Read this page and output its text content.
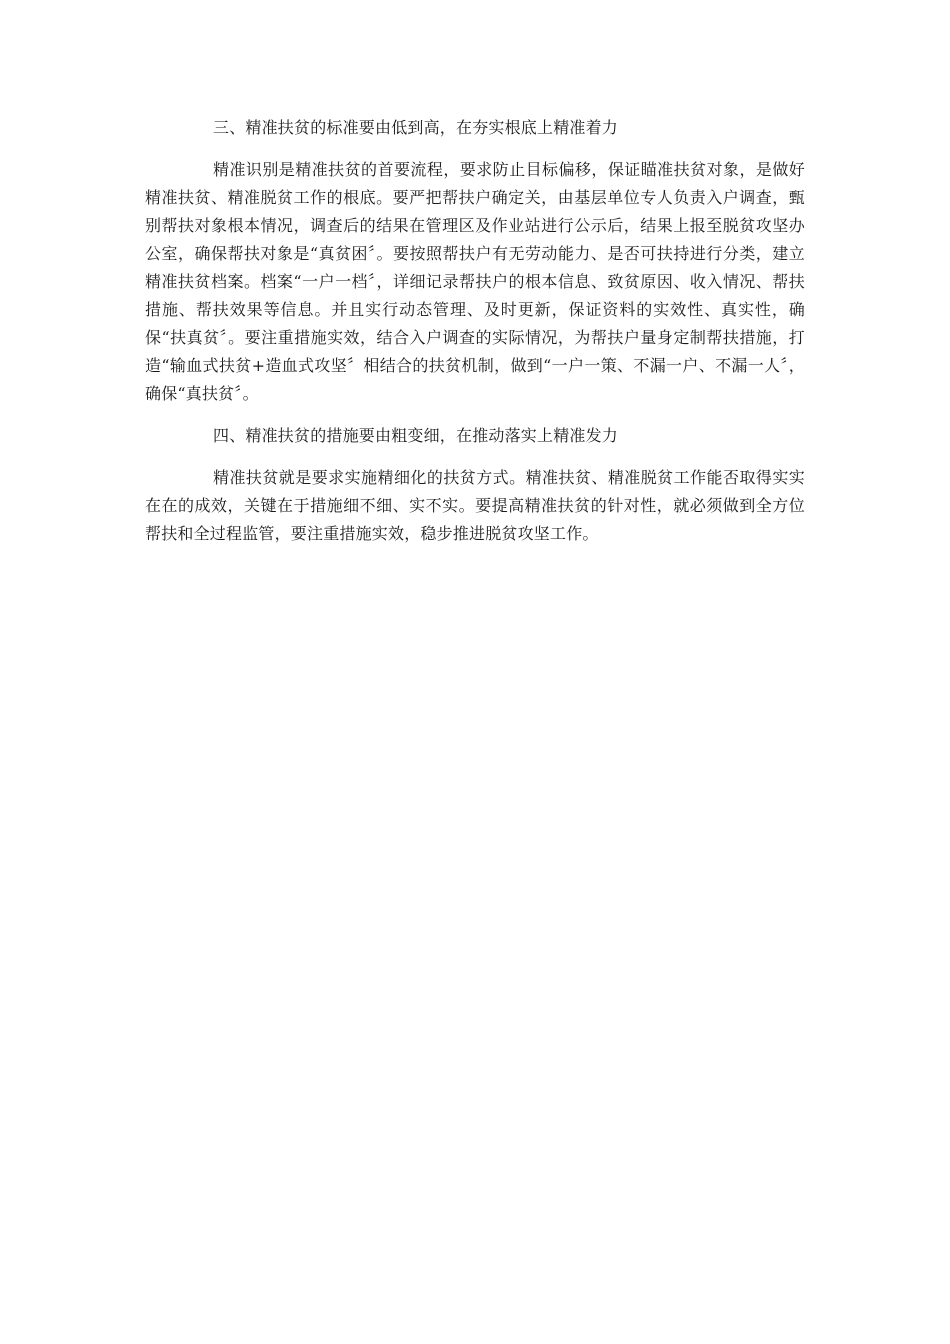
三、精准扶贫的标准要由低到高，在夯实根底上精准着力

精准识别是精准扶贫的首要流程，要求防止目标偏移，保证瞄准扶贫对象，是做好精准扶贫、精准脱贫工作的根底。要严把帮扶户确定关，由基层单位专人负责入户调查，甄别帮扶对象根本情况，调查后的结果在管理区及作业站进行公示后，结果上报至脱贫攻坚办公室，确保帮扶对象是“真贫困〞。要按照帮扶户有无劳动能力、是否可扶持进行分类，建立精准扶贫档案。档案“一户一档〞，详细记录帮扶户的根本信息、致贫原因、收入情况、帮扶措施、帮扶效果等信息。并且实行动态管理、及时更新，保证资料的实效性、真实性，确保“扶真贫〞。要注重措施实效，结合入户调查的实际情况，为帮扶户量身定制帮扶措施，打造“输血式扶贫+造血式攻坚〞相结合的扶贫机制，做到“一户一策、不漏一户、不漏一人〞，确保“真扶贫〞。

四、精准扶贫的措施要由粗变细，在推动落实上精准发力

精准扶贫就是要求实施精细化的扶贫方式。精准扶贫、精准脱贫工作能否取得实实在在的成效，关键在于措施细不细、实不实。要提高精准扶贫的针对性，就必须做到全方位帮扶和全过程监管，要注重措施实效，稳步推进脱贫攻坚工作。
